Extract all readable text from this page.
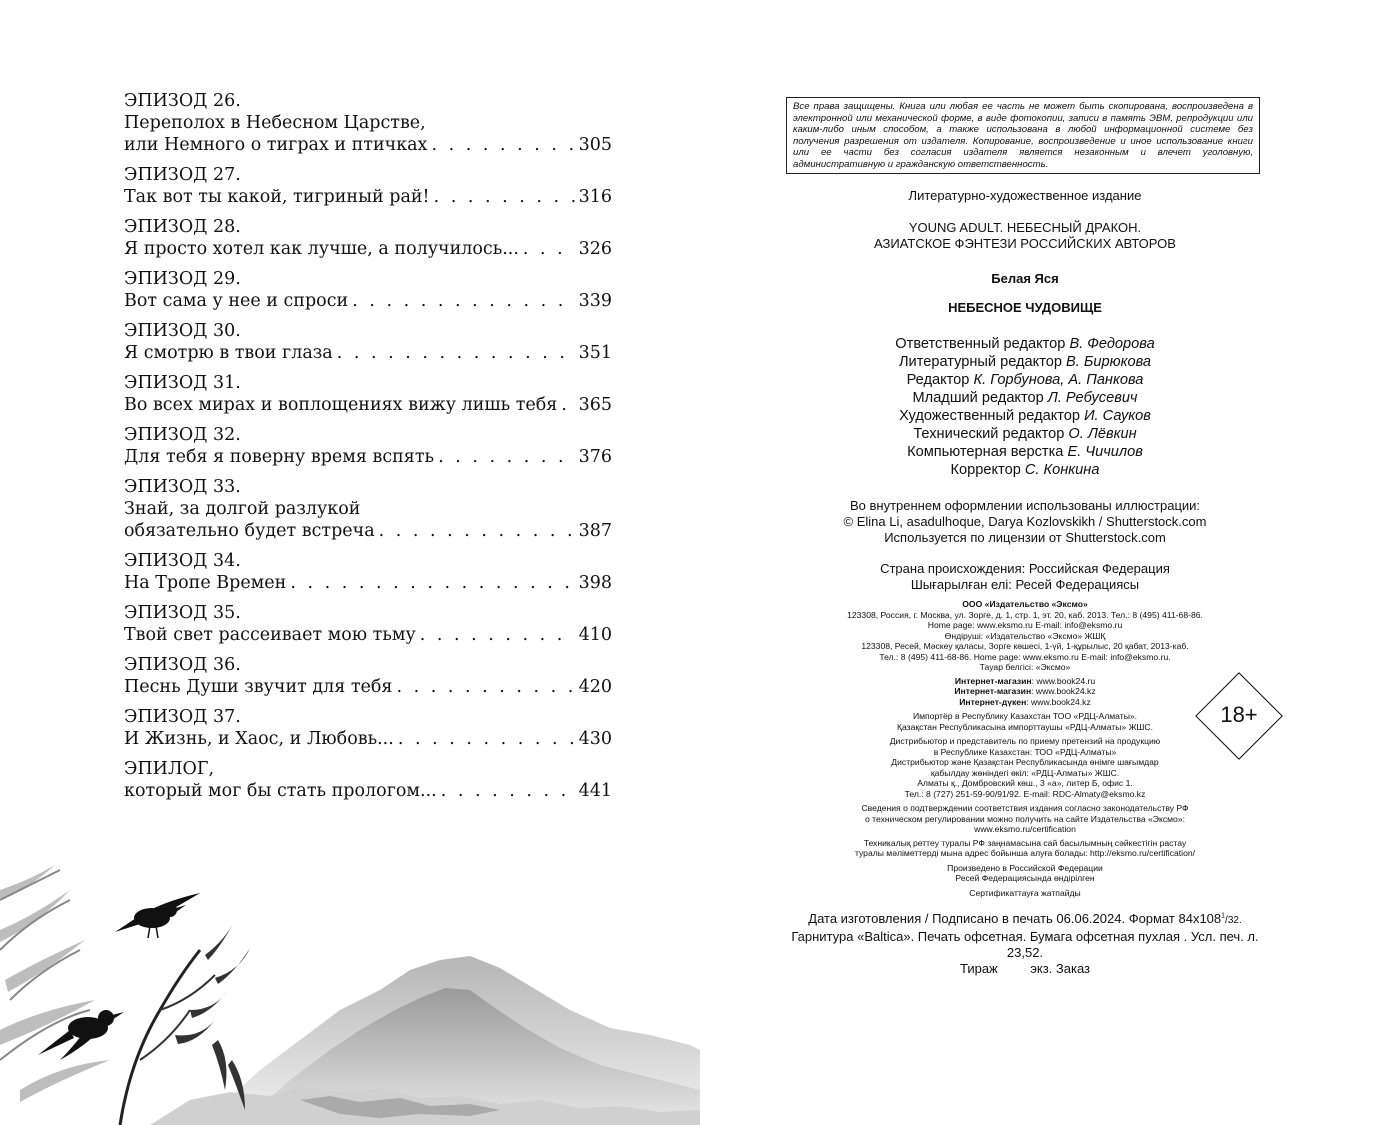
ЭПИЗОД 26.
Переполох в Небесном Царстве,
или Немного о тиграх и птичках . . .	305
ЭПИЗОД 27.
Так вот ты какой, тигриный рай! . . .	316
ЭПИЗОД 28.
Я просто хотел как лучше, а получилось... . . .	326
ЭПИЗОД 29.
Вот сама у нее и спроси . . .	339
ЭПИЗОД 30.
Я смотрю в твои глаза . . .	351
ЭПИЗОД 31.
Во всех мирах и воплощениях вижу лишь тебя . . . 365
ЭПИЗОД 32.
Для тебя я поверну время вспять . . .	376
ЭПИЗОД 33.
Знай, за долгой разлукой
обязательно будет встреча . . .	387
ЭПИЗОД 34.
На Тропе Времен . . .	398
ЭПИЗОД 35.
Твой свет рассеивает мою тьму . . .	410
ЭПИЗОД 36.
Песнь Души звучит для тебя . . .	420
ЭПИЗОД 37.
И Жизнь, и Хаос, и Любовь... . . .	430
ЭПИЛОГ,
который мог бы стать прологом... . . .	441
Все права защищены. Книга или любая ее часть не может быть скопирована, воспроизведена в электронной или механической форме, в виде фотокопии, записи в память ЭВМ, репродукции или каким-либо иным способом, а также использована в любой информационной системе без получения разрешения от издателя. Копирование, воспроизведение и иное использование книги или ее части без согласия издателя является незаконным и влечет уголовную, административную и гражданскую ответственность.
Литературно-художественное издание
YOUNG ADULT. НЕБЕСНЫЙ ДРАКОН.
АЗИАТСКОЕ ФЭНТЕЗИ РОССИЙСКИХ АВТОРОВ
Белая Яся
НЕБЕСНОЕ ЧУДОВИЩЕ
Ответственный редактор В. Федорова
Литературный редактор В. Бирюкова
Редактор К. Горбунова, А. Панкова
Младший редактор Л. Ребусевич
Художественный редактор И. Сауков
Технический редактор О. Лёвкин
Компьютерная верстка Е. Чичилов
Корректор С. Конкина
Во внутреннем оформлении использованы иллюстрации:
© Elina Li, asadulhoque, Darya Kozlovskikh / Shutterstock.com
Используется по лицензии от Shutterstock.com
Страна происхождения: Российская Федерация
Шығарылған елі: Ресей Федерациясы
ООО «Издательство «Эксмо»
123308, Россия, г. Москва, ул. Зорге, д. 1, стр. 1, эт. 20, каб. 2013. Тел.: 8 (495) 411-68-86.
Home page: www.eksmo.ru E-mail: info@eksmo.ru
Өндіруші: «Издательство «Эксмо» ЖШҚ
123308, Ресей, Мәскеу қаласы, Зорге көшесі, 1-үй, 1-құрылыс, 20 қабат, 2013-каб.
Тел.: 8 (495) 411-68-86. Home page: www.eksmo.ru E-mail: info@eksmo.ru.
Тауар белгісі: «Эксмо»
Интернет-магазин: www.book24.ru
Интернет-магазин: www.book24.kz
Интернет-дүкен: www.book24.kz
Импортёр в Республику Казахстан ТОО «РДЦ-Алматы».
Қазақстан Республикасына импорттаушы «РДЦ-Алматы» ЖШС.
Дистрибьютор и представитель по приему претензий на продукцию
в Республике Казахстан: ТОО «РДЦ-Алматы»
Дистрибьютор және Қазақстан Республикасында өнімге шағымдар
қабылдау жөніндегі өкіл: «РДЦ-Алматы» ЖШС.
Алматы қ., Домбровский көш., 3 «а», литер Б, офис 1.
Тел.: 8 (727) 251-59-90/91/92. E-mail: RDC-Almaty@eksmo.kz
Сведения о подтверждении соответствия издания согласно законодательству РФ
о техническом регулировании можно получить на сайте Издательства «Эксмо»:
www.eksmo.ru/certification
Техникалық реттеу туралы РФ заңнамасына сай басылымның сәйкестігін растау
туралы мәліметтерді мына адрес бойынша алуға болады: http://eksmo.ru/certification/
Произведено в Российской Федерации
Ресей Федерациясында өндірілген
Сертификаттауға жатпайды
Дата изготовления / Подписано в печать 06.06.2024. Формат $84x108^1/32$.
Гарнитура «Baltica». Печать офсетная. Бумага офсетная пухлая . Усл. печ. л. 23,52.
Тираж         экз. Заказ
18+
